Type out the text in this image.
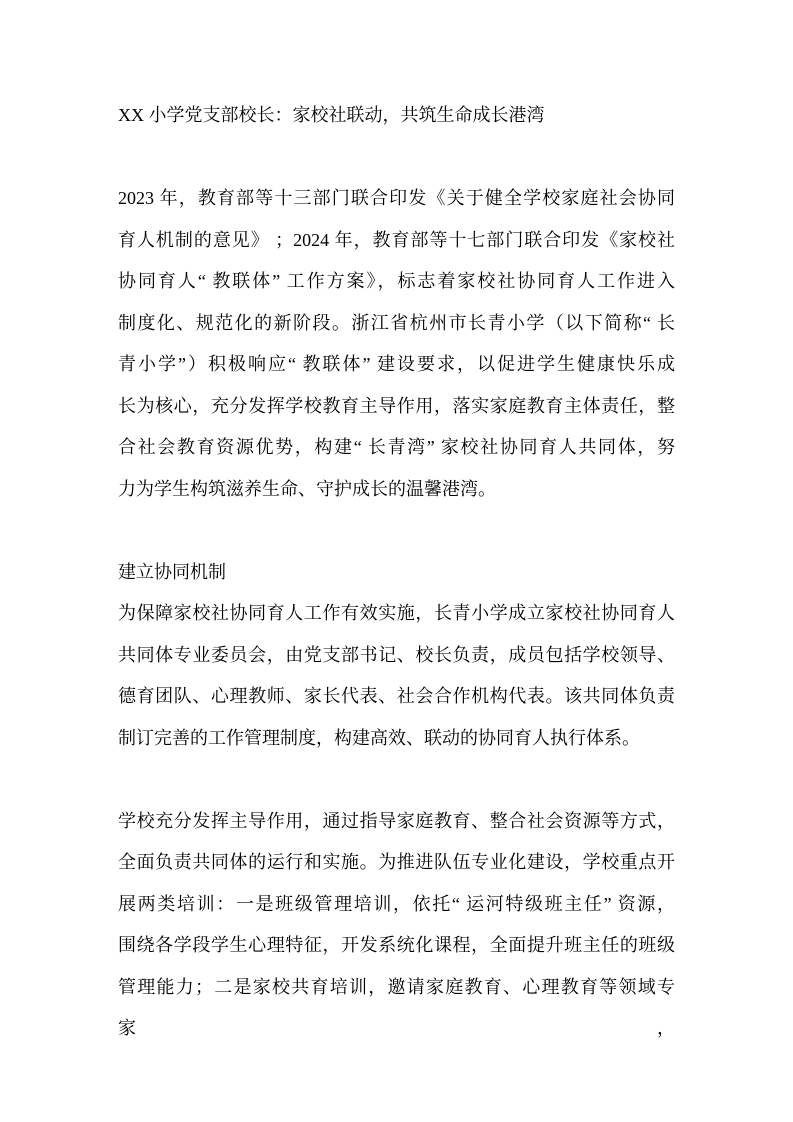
XX 小学党支部校长：家校社联动，共筑生命成长港湾
2023 年，教育部等十三部门联合印发《关于健全学校家庭社会协同
育人机制的意见》 ；2024 年，教育部等十七部门联合印发《家校社
协同育人“ 教联体” 工作方案》，标志着家校社协同育人工作进入
制度化、规范化的新阶段。浙江省杭州市长青小学（以下简称“ 长
青小学”）积极响应“ 教联体” 建设要求，以促进学生健康快乐成
长为核心，充分发挥学校教育主导作用，落实家庭教育主体责任，整
合社会教育资源优势，构建“ 长青湾” 家校社协同育人共同体，努
力为学生构筑滋养生命、守护成长的温馨港湾。
建立协同机制
为保障家校社协同育人工作有效实施，长青小学成立家校社协同育人
共同体专业委员会，由党支部书记、校长负责，成员包括学校领导、
德育团队、心理教师、家长代表、社会合作机构代表。该共同体负责
制订完善的工作管理制度，构建高效、联动的协同育人执行体系。
学校充分发挥主导作用，通过指导家庭教育、整合社会资源等方式，
全面负责共同体的运行和实施。为推进队伍专业化建设，学校重点开
展两类培训：一是班级管理培训，依托“ 运河特级班主任” 资源，
围绕各学段学生心理特征，开发系统化课程，全面提升班主任的班级
管理能力；二是家校共育培训，邀请家庭教育、心理教育等领域专家，
